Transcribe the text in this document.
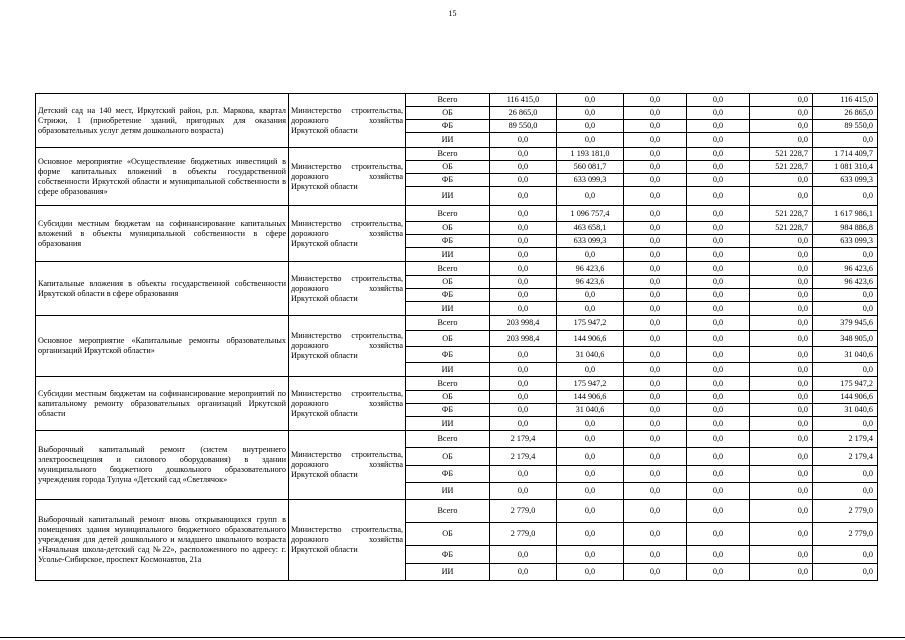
15
Детский сад на 140 мест, Иркутский район, р.п. Маркова, квартал Стрижи, 1 (приобретение зданий, пригодных для оказания образовательных услуг детям дошкольного возраста)	Министерство строительства, дорожного хозяйства Иркутской области	Всего	116 415,0	0,0	0,0	0,0	0,0	116 415,0
		ОБ	26 865,0	0,0	0,0	0,0	0,0	26 865,0
		ФБ	89 550,0	0,0	0,0	0,0	0,0	89 550,0
		ИИ	0,0	0,0	0,0	0,0	0,0	0,0
Основное мероприятие «Осуществление бюджетных инвестиций в форме капитальных вложений в объекты государственной собственности Иркутской области и муниципальной собственности в сфере образования»	Министерство строительства, дорожного хозяйства Иркутской области	Всего	0,0	1 193 181,0	0,0	0,0	521 228,7	1 714 409,7
		ОБ	0,0	560 081,7	0,0	0,0	521 228,7	1 081 310,4
		ФБ	0,0	633 099,3	0,0	0,0	0,0	633 099,3
		ИИ	0,0	0,0	0,0	0,0	0,0	0,0
Субсидии местным бюджетам на софинансирование капитальных вложений в объекты муниципальной собственности в сфере образования	Министерство строительства, дорожного хозяйства Иркутской области	Всего	0,0	1 096 757,4	0,0	0,0	521 228,7	1 617 986,1
		ОБ	0,0	463 658,1	0,0	0,0	521 228,7	984 886,8
		ФБ	0,0	633 099,3	0,0	0,0	0,0	633 099,3
		ИИ	0,0	0,0	0,0	0,0	0,0	0,0
Капитальные вложения в объекты государственной собственности Иркутской области в сфере образования	Министерство строительства, дорожного хозяйства Иркутской области	Всего	0,0	96 423,6	0,0	0,0	0,0	96 423,6
		ОБ	0,0	96 423,6	0,0	0,0	0,0	96 423,6
		ФБ	0,0	0,0	0,0	0,0	0,0	0,0
		ИИ	0,0	0,0	0,0	0,0	0,0	0,0
Основное мероприятие «Капитальные ремонты образовательных организаций Иркутской области»	Министерство строительства, дорожного хозяйства Иркутской области	Всего	203 998,4	175 947,2	0,0	0,0	0,0	379 945,6
		ОБ	203 998,4	144 906,6	0,0	0,0	0,0	348 905,0
		ФБ	0,0	31 040,6	0,0	0,0	0,0	31 040,6
		ИИ	0,0	0,0	0,0	0,0	0,0	0,0
Субсидии местным бюджетам на софинансирование мероприятий по капитальному ремонту образовательных организаций Иркутской области	Министерство строительства, дорожного хозяйства Иркутской области	Всего	0,0	175 947,2	0,0	0,0	0,0	175 947,2
		ОБ	0,0	144 906,6	0,0	0,0	0,0	144 906,6
		ФБ	0,0	31 040,6	0,0	0,0	0,0	31 040,6
		ИИ	0,0	0,0	0,0	0,0	0,0	0,0
Выборочный капитальный ремонт (систем внутреннего электроосвещения и силового оборудования) в здании муниципального бюджетного дошкольного образовательного учреждения города Тулуна «Детский сад «Светлячок»	Министерство строительства, дорожного хозяйства Иркутской области	Всего	2 179,4	0,0	0,0	0,0	0,0	2 179,4
		ОБ	2 179,4	0,0	0,0	0,0	0,0	2 179,4
		ФБ	0,0	0,0	0,0	0,0	0,0	0,0
		ИИ	0,0	0,0	0,0	0,0	0,0	0,0
Выборочный капитальный ремонт вновь открывающихся групп в помещениях здания муниципального бюджетного образовательного учреждения для детей дошкольного и младшего школьного возраста «Начальная школа-детский сад №22», расположенного по адресу: г. Усолье-Сибирское, проспект Космонавтов, 21а	Министерство строительства, дорожного хозяйства Иркутской области	Всего	2 779,0	0,0	0,0	0,0	0,0	2 779,0
		ОБ	2 779,0	0,0	0,0	0,0	0,0	2 779,0
		ФБ	0,0	0,0	0,0	0,0	0,0	0,0
		ИИ	0,0	0,0	0,0	0,0	0,0	0,0
